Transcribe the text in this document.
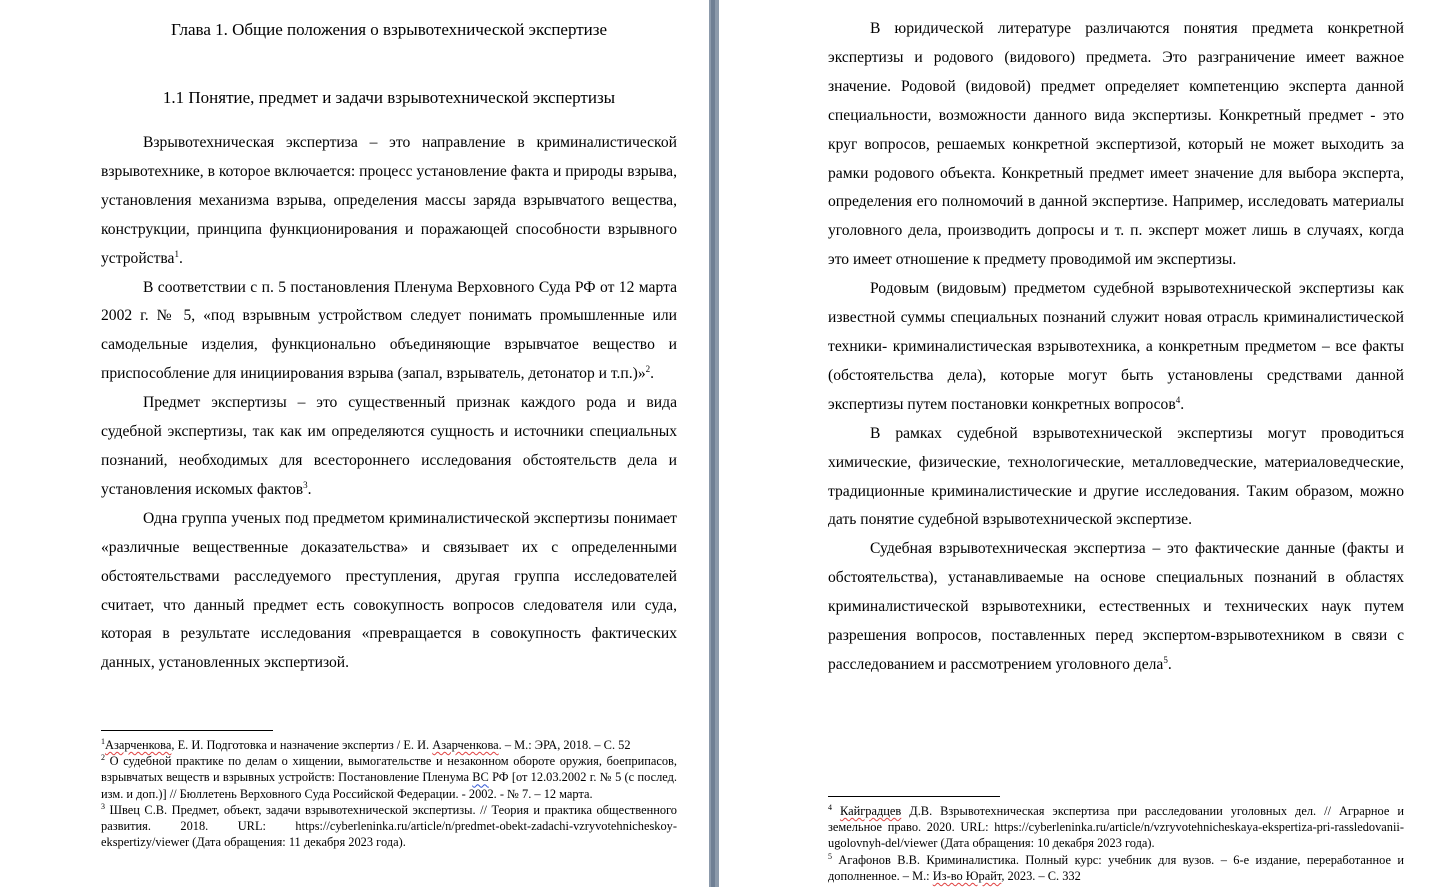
Глава 1. Общие положения о взрывотехнической экспертизе
1.1 Понятие, предмет и задачи взрывотехнической экспертизы

Взрывотехническая экспертиза – это направление в криминалистической взрывотехнике, в которое включается: процесс установление факта и природы взрыва, установления механизма взрыва, определения массы заряда взрывчатого вещества, конструкции, принципа функционирования и поражающей способности взрывного устройства$^1$.

В соответствии с п. 5 постановления Пленума Верховного Суда РФ от 12 марта 2002 г. № 5, «под взрывным устройством следует понимать промышленные или самодельные изделия, функционально объединяющие взрывчатое вещество и приспособление для инициирования взрыва (запал, взрыватель, детонатор и т.п.)»$^2$.

Предмет экспертизы – это существенный признак каждого рода и вида судебной экспертизы, так как им определяются сущность и источники специальных познаний, необходимых для всестороннего исследования обстоятельств дела и установления искомых фактов$^3$.

Одна группа ученых под предметом криминалистической экспертизы понимает «различные вещественные доказательства» и связывает их с определенными обстоятельствами расследуемого преступления, другая группа исследователей считает, что данный предмет есть совокупность вопросов следователя или суда, которая в результате исследования «превращается в совокупность фактических данных, установленных экспертизой.

$^1$Азарченкова, Е. И. Подготовка и назначение экспертиз / Е. И. Азарченкова. – М.: ЭРА, 2018. – С. 52

$^2$ О судебной практике по делам о хищении, вымогательстве и незаконном обороте оружия, боеприпасов, взрывчатых веществ и взрывных устройств: Постановление Пленума ВС РФ [от 12.03.2002 г. № 5 (с послед. изм. и доп.)] // Бюллетень Верховного Суда Российской Федерации. - 2002. - № 7. – 12 марта.

$^3$ Швец С.В. Предмет, объект, задачи взрывотехнической экспертизы. // Теория и практика общественного развития. 2018. URL: https://cyberleninka.ru/article/n/predmet-obekt-zadachi-vzryvotehnicheskoy-ekspertizy/viewer (Дата обращения: 11 декабря 2023 года).

В юридической литературе различаются понятия предмета конкретной экспертизы и родового (видового) предмета. Это разграничение имеет важное значение. Родовой (видовой) предмет определяет компетенцию эксперта данной специальности, возможности данного вида экспертизы. Конкретный предмет - это круг вопросов, решаемых конкретной экспертизой, который не может выходить за рамки родового объекта. Конкретный предмет имеет значение для выбора эксперта, определения его полномочий в данной экспертизе. Например, исследовать материалы уголовного дела, производить допросы и т. п. эксперт может лишь в случаях, когда это имеет отношение к предмету проводимой им экспертизы.

Родовым (видовым) предметом судебной взрывотехнической экспертизы как известной суммы специальных познаний служит новая отрасль криминалистической техники- криминалистическая взрывотехника, а конкретным предметом – все факты (обстоятельства дела), которые могут быть установлены средствами данной экспертизы путем постановки конкретных вопросов$^4$.

В рамках судебной взрывотехнической экспертизы могут проводиться химические, физические, технологические, металловедческие, материаловедческие, традиционные криминалистические и другие исследования. Таким образом, можно дать понятие судебной взрывотехнической экспертизе.

Судебная взрывотехническая экспертиза – это фактические данные (факты и обстоятельства), устанавливаемые на основе специальных познаний в областях криминалистической взрывотехники, естественных и технических наук путем разрешения вопросов, поставленных перед экспертом-взрывотехником в связи с расследованием и рассмотрением уголовного дела$^5$.

$^4$ Кайградцев Д.В. Взрывотехническая экспертиза при расследовании уголовных дел. // Аграрное и земельное право. 2020. URL: https://cyberleninka.ru/article/n/vzryvotehnicheskaya-ekspertiza-pri-rassledovanii-ugolovnyh-del/viewer (Дата обращения: 10 декабря 2023 года).

$^5$ Агафонов В.В. Криминалистика. Полный курс: учебник для вузов. – 6-е издание, переработанное и дополненное. – М.: Из-во Юрайт, 2023. – С. 332
